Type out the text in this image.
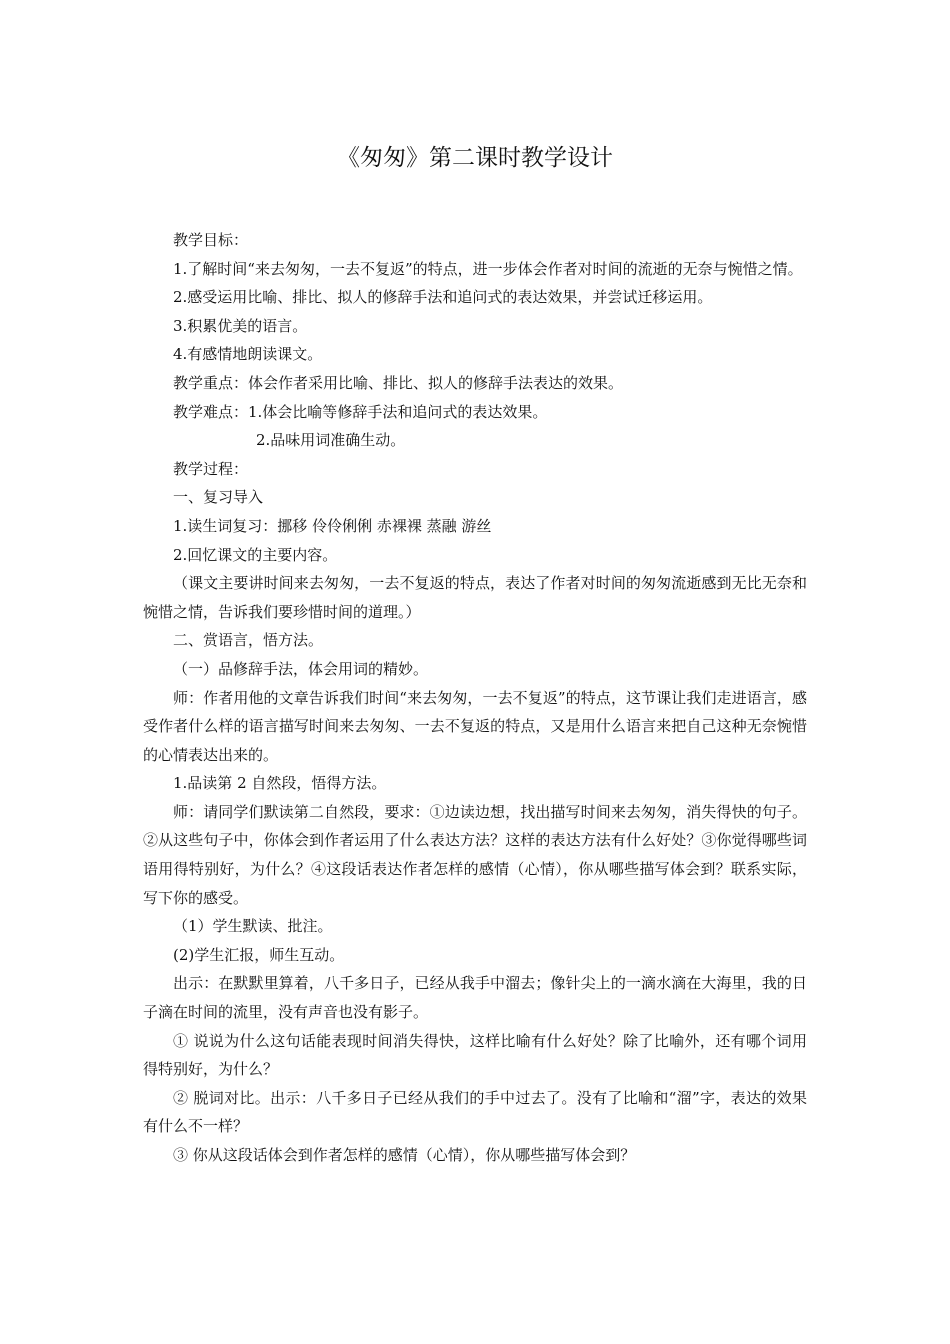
《匆匆》第二课时教学设计

教学目标：

1.了解时间“来去匆匆，一去不复返”的特点，进一步体会作者对时间的流逝的无奈与惋惜之情。

2.感受运用比喻、排比、拟人的修辞手法和追问式的表达效果，并尝试迁移运用。

3.积累优美的语言。

4.有感情地朗读课文。

教学重点：体会作者采用比喻、排比、拟人的修辞手法表达的效果。

教学难点：1.体会比喻等修辞手法和追问式的表达效果。

2.品味用词准确生动。

教学过程：

一、复习导入

1.读生词复习：挪移 伶伶俐俐 赤裸裸 蒸融 游丝

2.回忆课文的主要内容。

（课文主要讲时间来去匆匆，一去不复返的特点，表达了作者对时间的匆匆流逝感到无比无奈和惋惜之情，告诉我们要珍惜时间的道理。）

二、赏语言，悟方法。

（一）品修辞手法，体会用词的精妙。

师：作者用他的文章告诉我们时间“来去匆匆，一去不复返”的特点，这节课让我们走进语言，感受作者什么样的语言描写时间来去匆匆、一去不复返的特点，又是用什么语言来把自己这种无奈惋惜的心情表达出来的。

1.品读第 2 自然段，悟得方法。

师：请同学们默读第二自然段，要求：①边读边想，找出描写时间来去匆匆，消失得快的句子。②从这些句子中，你体会到作者运用了什么表达方法？这样的表达方法有什么好处？③你觉得哪些词语用得特别好，为什么？④这段话表达作者怎样的感情（心情），你从哪些描写体会到？联系实际，写下你的感受。

（1）学生默读、批注。

(2)学生汇报，师生互动。

出示：在默默里算着，八千多日子，已经从我手中溜去；像针尖上的一滴水滴在大海里，我的日子滴在时间的流里，没有声音也没有影子。

① 说说为什么这句话能表现时间消失得快，这样比喻有什么好处？除了比喻外，还有哪个词用得特别好，为什么？

② 脱词对比。出示：八千多日子已经从我们的手中过去了。没有了比喻和“溜”字，表达的效果有什么不一样？

③ 你从这段话体会到作者怎样的感情（心情），你从哪些描写体会到？
